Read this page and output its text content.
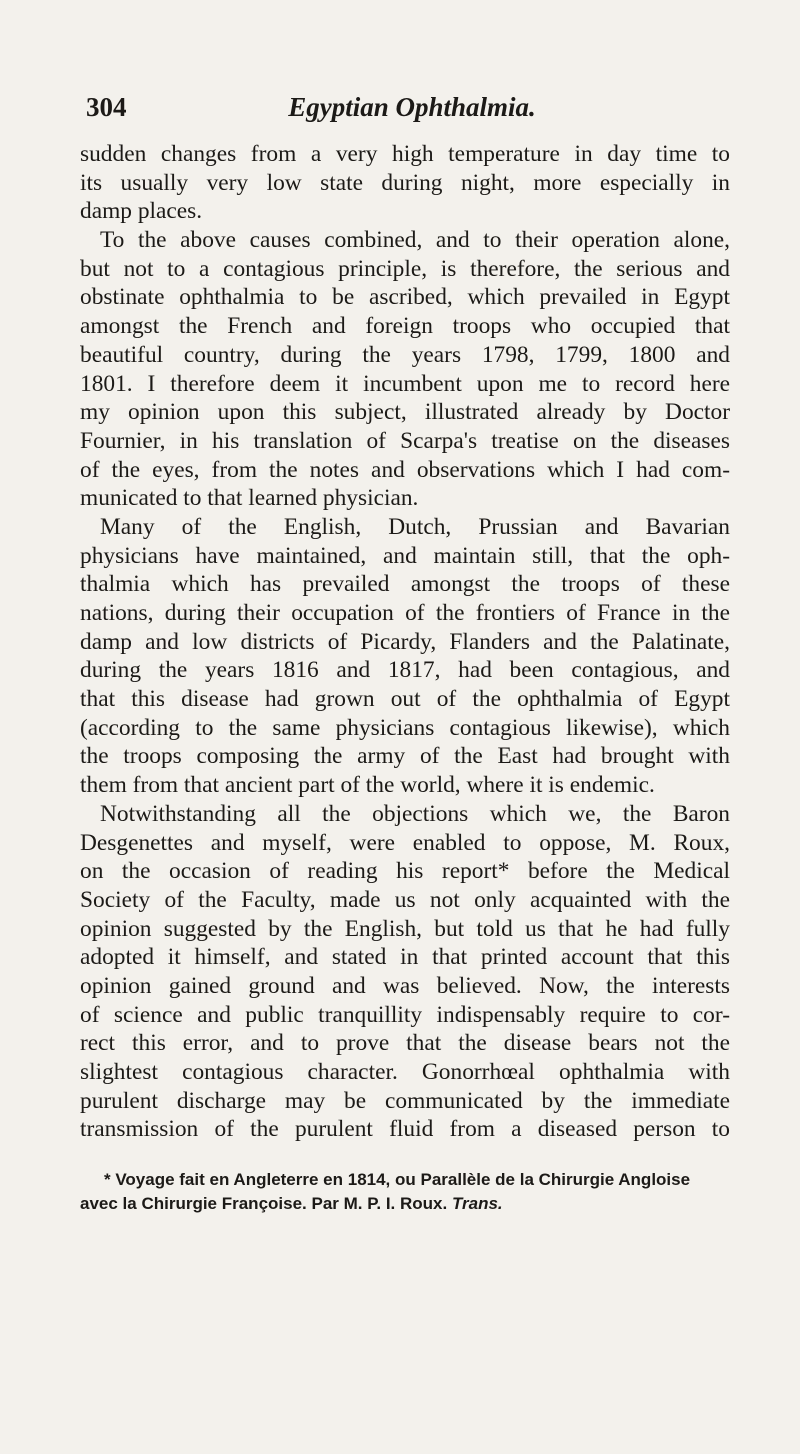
304	Egyptian Ophthalmia.
sudden changes from a very high temperature in day time to
its usually very low state during night, more especially in
damp places.
To the above causes combined, and to their operation alone,
but not to a contagious principle, is therefore, the serious and
obstinate ophthalmia to be ascribed, which prevailed in Egypt
amongst the French and foreign troops who occupied that
beautiful country, during the years 1798, 1799, 1800 and
1801. I therefore deem it incumbent upon me to record here
my opinion upon this subject, illustrated already by Doctor
Fournier, in his translation of Scarpa's treatise on the diseases
of the eyes, from the notes and observations which I had com-
municated to that learned physician.
Many of the English, Dutch, Prussian and Bavarian
physicians have maintained, and maintain still, that the oph-
thalmia which has prevailed amongst the troops of these
nations, during their occupation of the frontiers of France in the
damp and low districts of Picardy, Flanders and the Palatinate,
during the years 1816 and 1817, had been contagious, and
that this disease had grown out of the ophthalmia of Egypt
(according to the same physicians contagious likewise), which
the troops composing the army of the East had brought with
them from that ancient part of the world, where it is endemic.
Notwithstanding all the objections which we, the Baron
Desgenettes and myself, were enabled to oppose, M. Roux,
on the occasion of reading his report* before the Medical
Society of the Faculty, made us not only acquainted with the
opinion suggested by the English, but told us that he had fully
adopted it himself, and stated in that printed account that this
opinion gained ground and was believed. Now, the interests
of science and public tranquillity indispensably require to cor-
rect this error, and to prove that the disease bears not the
slightest contagious character. Gonorrhœal ophthalmia with
purulent discharge may be communicated by the immediate
transmission of the purulent fluid from a diseased person to
* Voyage fait en Angleterre en 1814, ou Parallèle de la Chirurgie Angloise
avec la Chirurgie Françoise. Par M. P. I. Roux. Trans.
